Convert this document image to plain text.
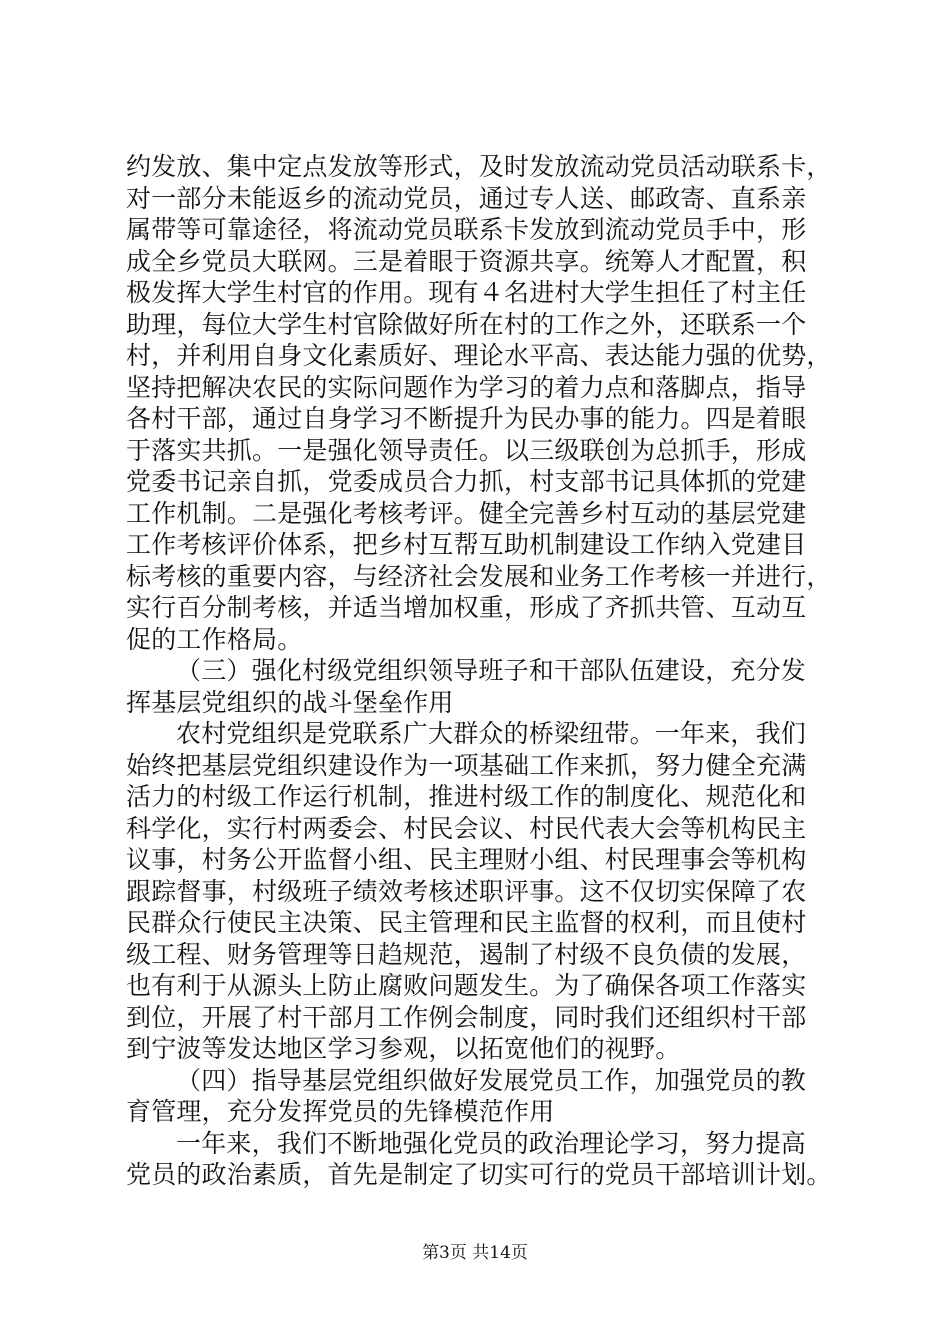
约发放、集中定点发放等形式，及时发放流动党员活动联系卡，
对一部分未能返乡的流动党员，通过专人送、邮政寄、直系亲
属带等可靠途径，将流动党员联系卡发放到流动党员手中，形
成全乡党员大联网。三是着眼于资源共享。统筹人才配置，积
极发挥大学生村官的作用。现有４名进村大学生担任了村主任
助理，每位大学生村官除做好所在村的工作之外，还联系一个
村，并利用自身文化素质好、理论水平高、表达能力强的优势，
坚持把解决农民的实际问题作为学习的着力点和落脚点，指导
各村干部，通过自身学习不断提升为民办事的能力。四是着眼
于落实共抓。一是强化领导责任。以三级联创为总抓手，形成
党委书记亲自抓，党委成员合力抓，村支部书记具体抓的党建
工作机制。二是强化考核考评。健全完善乡村互动的基层党建
工作考核评价体系，把乡村互帮互助机制建设工作纳入党建目
标考核的重要内容，与经济社会发展和业务工作考核一并进行，
实行百分制考核，并适当增加权重，形成了齐抓共管、互动互
促的工作格局。
（三）强化村级党组织领导班子和干部队伍建设，充分发
挥基层党组织的战斗堡垒作用
农村党组织是党联系广大群众的桥梁纽带。一年来，我们
始终把基层党组织建设作为一项基础工作来抓，努力健全充满
活力的村级工作运行机制，推进村级工作的制度化、规范化和
科学化，实行村两委会、村民会议、村民代表大会等机构民主
议事，村务公开监督小组、民主理财小组、村民理事会等机构
跟踪督事，村级班子绩效考核述职评事。这不仅切实保障了农
民群众行使民主决策、民主管理和民主监督的权利，而且使村
级工程、财务管理等日趋规范，遏制了村级不良负债的发展，
也有利于从源头上防止腐败问题发生。为了确保各项工作落实
到位，开展了村干部月工作例会制度，同时我们还组织村干部
到宁波等发达地区学习参观，以拓宽他们的视野。
（四）指导基层党组织做好发展党员工作，加强党员的教
育管理，充分发挥党员的先锋模范作用
一年来，我们不断地强化党员的政治理论学习，努力提高
党员的政治素质，首先是制定了切实可行的党员干部培训计划。
第3页 共14页
